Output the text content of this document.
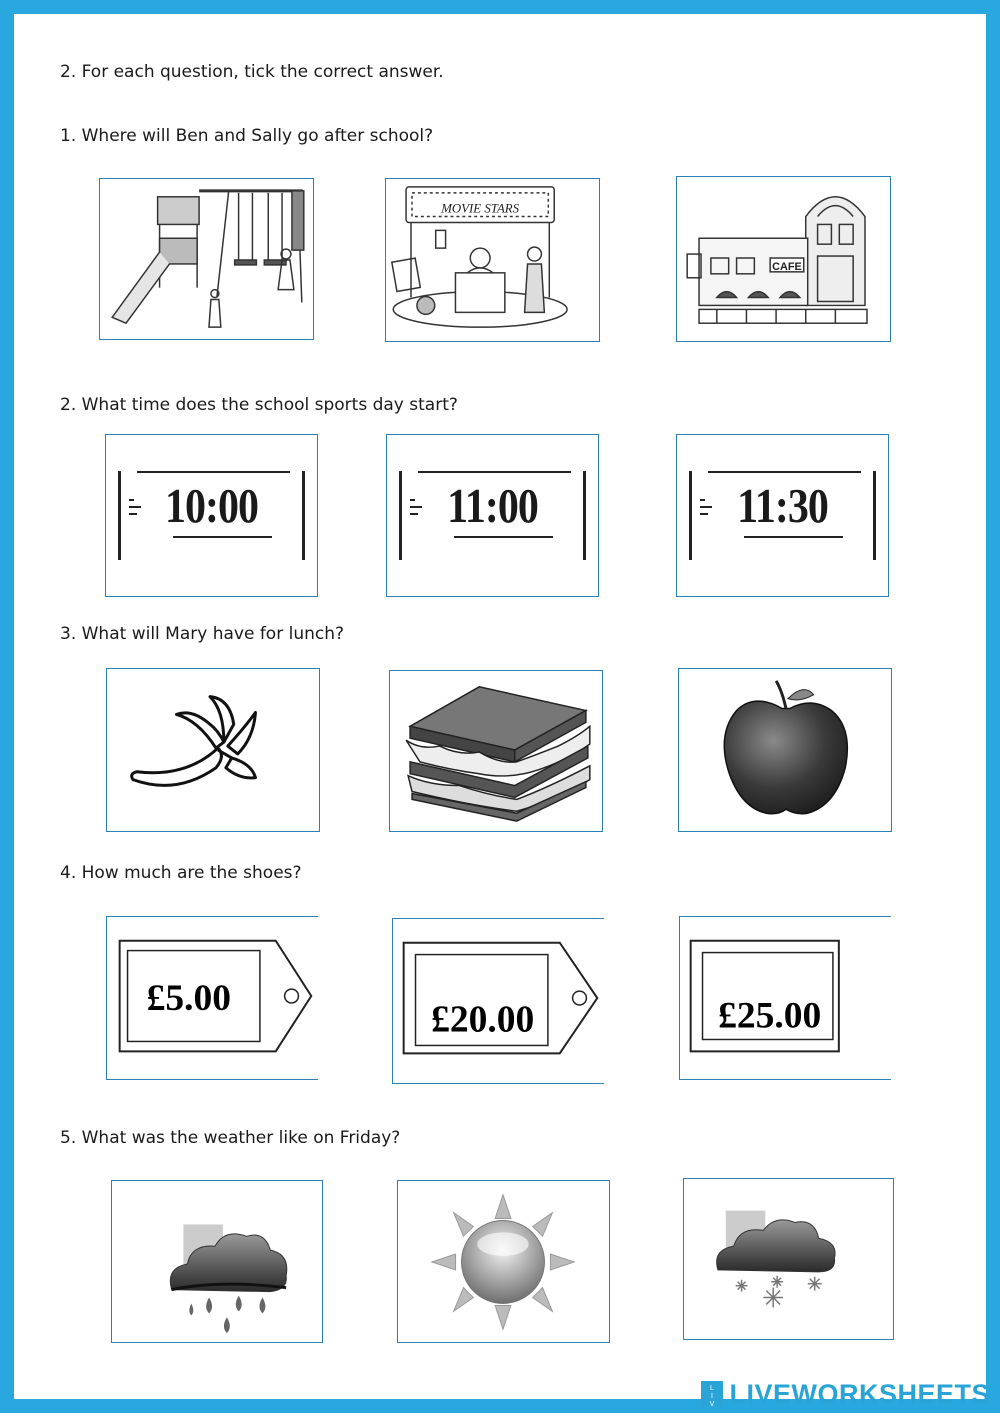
2. For each question, tick the correct answer.

1. Where will Ben and Sally go after school?

MOVIE STARS
CAFE

2. What time does the school sports day start?

10:00	11:00	11:30

3. What will Mary have for lunch?

4. How much are the shoes?

£5.00
£20.00	£25.00

5. What was the weather like on Friday?

L
I
V LIVEWORKSHEETS
